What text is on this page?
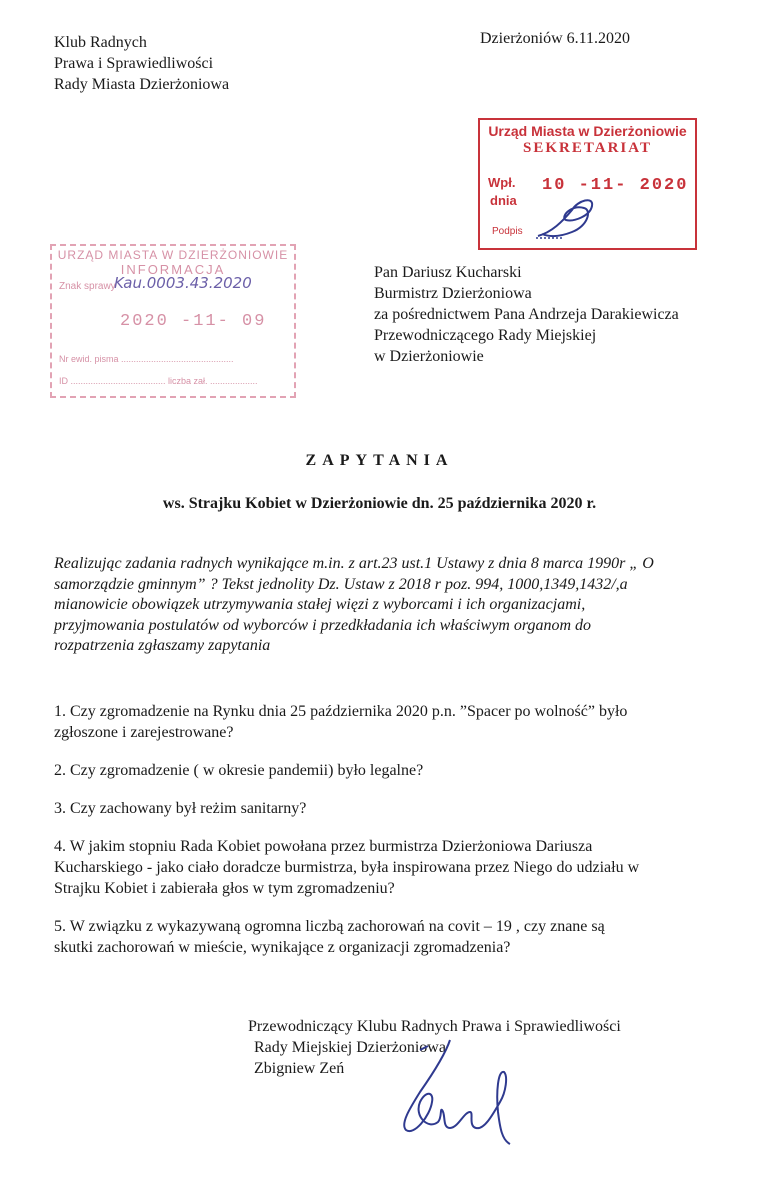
Klub Radnych
Prawa i Sprawiedliwości
Rady Miasta Dzierżoniowa
Dzierżoniów 6.11.2020
Urząd Miasta w Dzierżoniowie
SEKRETARIAT
Wpł.
dnia
10 -11- 2020
Podpis
URZĄD MIASTA W DZIERŻONIOWIE
INFORMACJA
Znak sprawy
Kau.0003.43.2020
2020 -11- 09
Nr ewid. pisma .............................................
ID ...................................... liczba zał. ...................
Pan Dariusz Kucharski
Burmistrz Dzierżoniowa
za pośrednictwem Pana Andrzeja Darakiewicza
Przewodniczącego Rady Miejskiej
w Dzierżoniowie
ZAPYTANIA
ws. Strajku Kobiet w Dzierżoniowie dn. 25 października 2020 r.
Realizując zadania radnych wynikające m.in. z art.23 ust.1 Ustawy z dnia 8 marca 1990r „ O
samorządzie gminnym” ? Tekst jednolity Dz. Ustaw z 2018 r poz. 994, 1000,1349,1432/,a
mianowicie obowiązek utrzymywania stałej więzi z wyborcami i ich organizacjami,
przyjmowania postulatów od wyborców i przedkładania ich właściwym organom do
rozpatrzenia zgłaszamy zapytania
1. Czy zgromadzenie na Rynku dnia 25 października 2020 p.n. ”Spacer po wolność” było
zgłoszone i zarejestrowane?
2. Czy zgromadzenie ( w okresie pandemii) było legalne?
3. Czy zachowany był reżim sanitarny?
4. W jakim stopniu Rada Kobiet powołana przez burmistrza Dzierżoniowa Dariusza
Kucharskiego - jako ciało doradcze burmistrza, była inspirowana przez Niego do udziału w
Strajku Kobiet i zabierała głos w tym zgromadzeniu?
5. W związku z wykazywaną ogromna liczbą zachorowań na covit – 19 , czy znane są
skutki zachorowań w mieście, wynikające z organizacji zgromadzenia?
Przewodniczący Klubu Radnych Prawa i Sprawiedliwości
Rady Miejskiej Dzierżoniowa
Zbigniew Zeń
